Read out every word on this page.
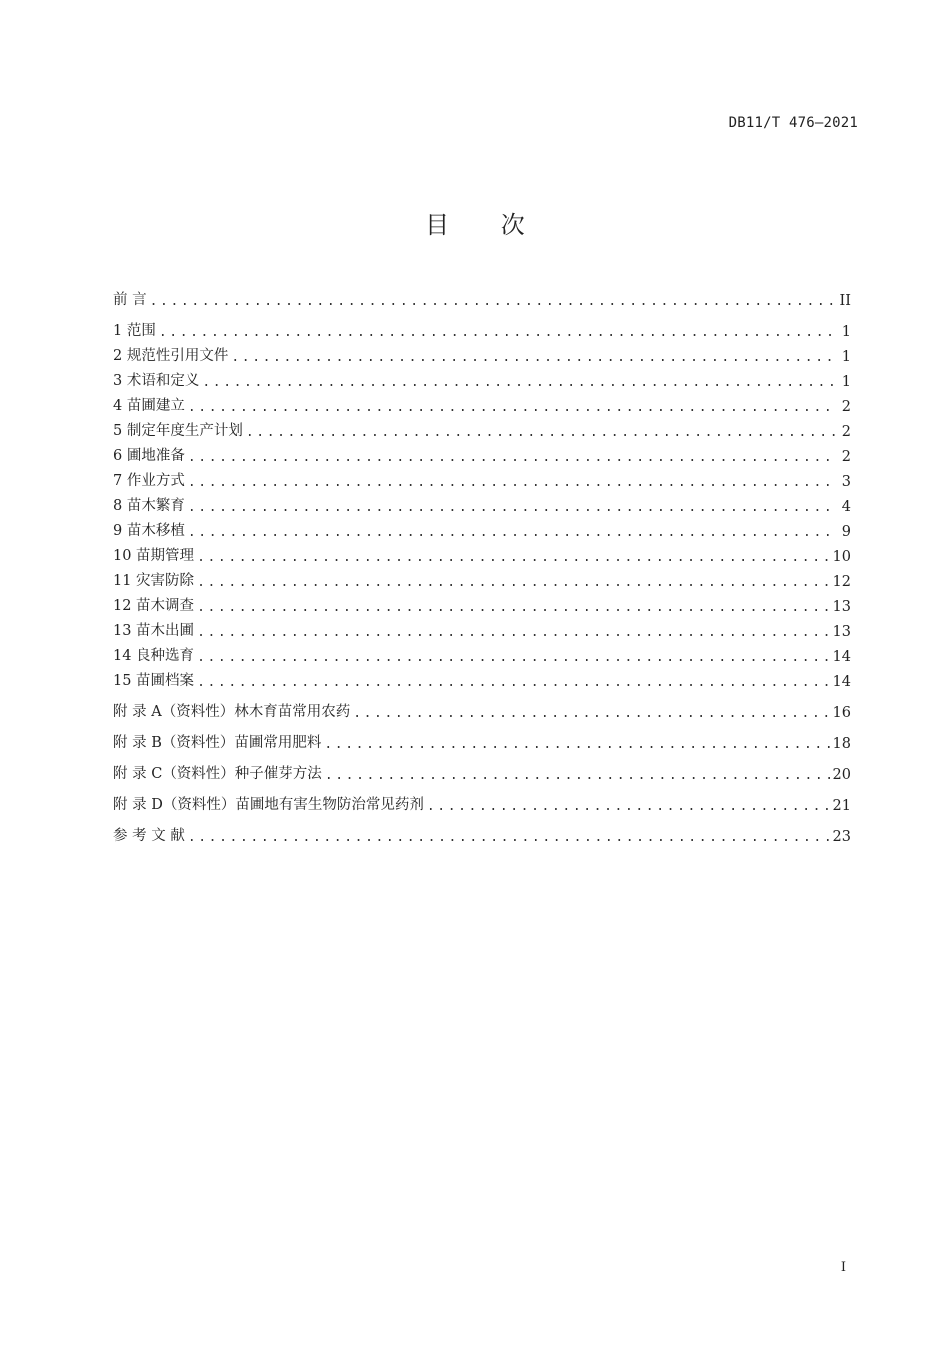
DB11/T 476—2021
目 次
前 言 .....	II
1 范围 .....	1
2 规范性引用文件 .....	1
3 术语和定义 .....	1
4 苗圃建立 .....	2
5 制定年度生产计划 .....	2
6 圃地准备 .....	2
7 作业方式 .....	3
8 苗木繁育 .....	4
9 苗木移植 .....	9
10 苗期管理 .....	10
11 灾害防除 .....	12
12 苗木调查 .....	13
13 苗木出圃 .....	13
14 良种选育 .....	14
15 苗圃档案 .....	14
附 录 A（资料性）林木育苗常用农药 .....	16
附 录 B（资料性）苗圃常用肥料 .....	18
附 录 C（资料性）种子催芽方法 .....	20
附 录 D（资料性）苗圃地有害生物防治常见药剂 .....	21
参 考 文 献 .....	23
I
